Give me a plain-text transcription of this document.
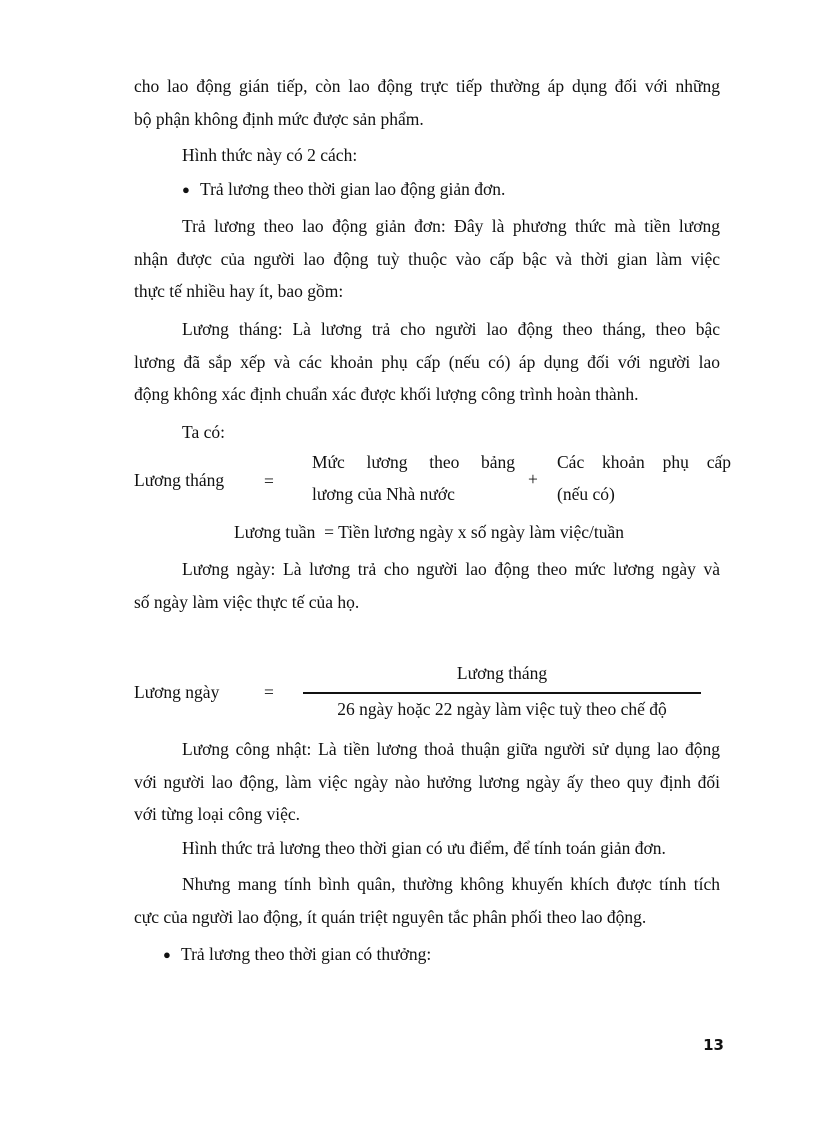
cho lao động gián tiếp, còn lao động trực tiếp thường áp dụng đối với những
bộ phận không định mức được sản phẩm.

Hình thức này có 2 cách:

● Trả lương theo thời gian lao động giản đơn.
Trả lương theo lao động giản đơn: Đây là phương thức mà tiền lương
nhận được của người lao động tuỳ thuộc vào cấp bậc và thời gian làm việc
thực tế nhiều hay ít, bao gồm:
Lương tháng: Là lương trả cho người lao động theo tháng, theo bậc
lương đã sắp xếp và các khoản phụ cấp (nếu có) áp dụng đối với người lao
động không xác định chuẩn xác được khối lượng công trình hoàn thành.

Ta có:

Lương tháng =
Mức lương theo bảng
lương của Nhà nước
+
Các khoản phụ cấp
(nếu có)
Lương tuần  = Tiền lương ngày x số ngày làm việc/tuần
Lương ngày: Là lương trả cho người lao động theo mức lương ngày và
số ngày làm việc thực tế của họ.
Lương ngày	=
Lương tháng
26 ngày hoặc 22 ngày làm việc tuỳ theo chế độ
Lương công nhật: Là tiền lương thoả thuận giữa người sử dụng lao động
với người lao động, làm việc ngày nào hưởng lương ngày ấy theo quy định đối
với từng loại công việc.

Hình thức trả lương theo thời gian có ưu điểm, để tính toán giản đơn.

Nhưng mang tính bình quân, thường không khuyến khích được tính tích
cực của người lao động, ít quán triệt nguyên tắc phân phối theo lao động.
● Trả lương theo thời gian có thưởng:
13
